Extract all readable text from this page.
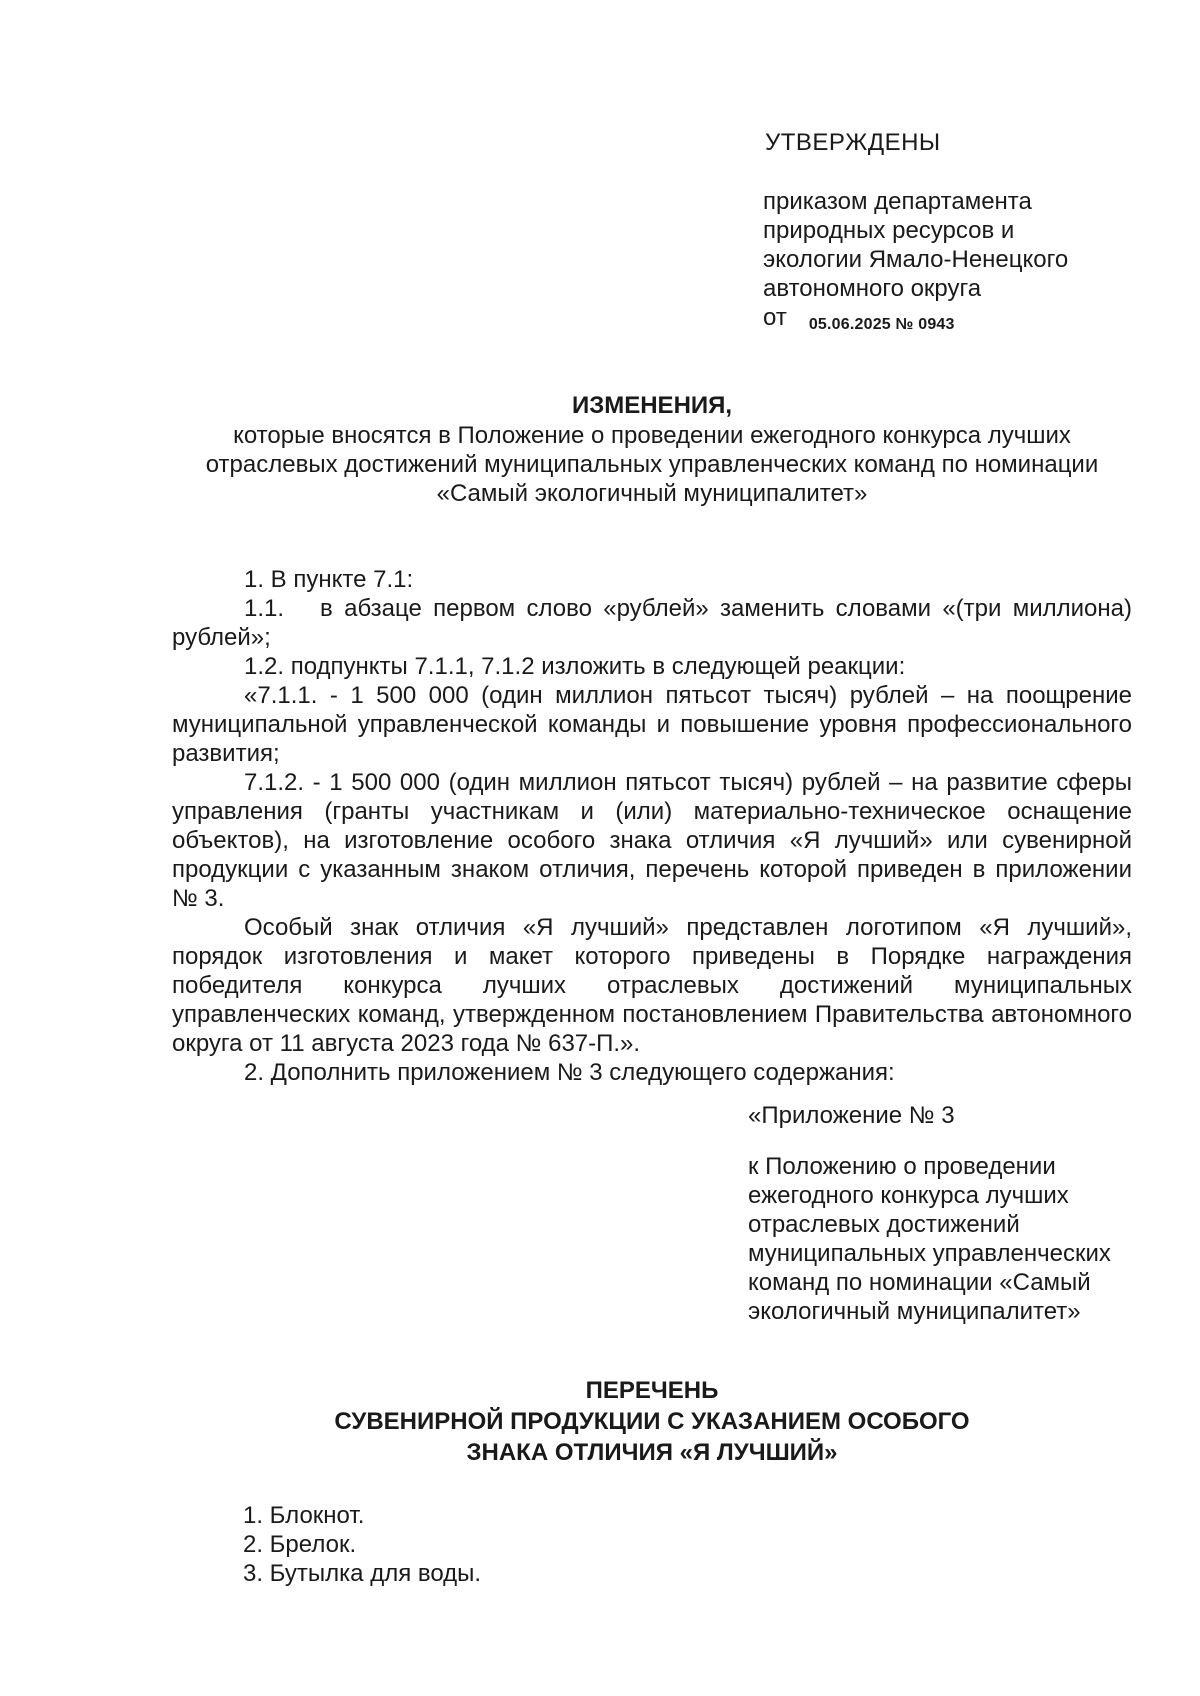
УТВЕРЖДЕНЫ
приказом департамента
природных ресурсов и
экологии Ямало-Ненецкого
автономного округа
от 05.06.2025 № 0943
ИЗМЕНЕНИЯ,
которые вносятся в Положение о проведении ежегодного конкурса лучших
отраслевых достижений муниципальных управленческих команд по номинации
«Самый экологичный муниципалитет»

1. В пункте 7.1:

1.1. в абзаце первом слово «рублей» заменить словами «(три миллиона) рублей»;

1.2. подпункты 7.1.1, 7.1.2 изложить в следующей реакции:

«7.1.1. - 1 500 000 (один миллион пятьсот тысяч) рублей – на поощрение муниципальной управленческой команды и повышение уровня профессионального развития;

7.1.2. - 1 500 000 (один миллион пятьсот тысяч) рублей – на развитие сферы управления (гранты участникам и (или) материально-техническое оснащение объектов), на изготовление особого знака отличия «Я лучший» или сувенирной продукции с указанным знаком отличия, перечень которой приведен в приложении № 3.

Особый знак отличия «Я лучший» представлен логотипом «Я лучший», порядок изготовления и макет которого приведены в Порядке награждения победителя конкурса лучших отраслевых достижений муниципальных управленческих команд, утвержденном постановлением Правительства автономного округа от 11 августа 2023 года № 637-П.».

2. Дополнить приложением № 3 следующего содержания:

«Приложение № 3
к Положению о проведении
ежегодного конкурса лучших
отраслевых достижений
муниципальных управленческих
команд по номинации «Самый
экологичный муниципалитет»
ПЕРЕЧЕНЬ
СУВЕНИРНОЙ ПРОДУКЦИИ С УКАЗАНИЕМ ОСОБОГО
ЗНАКА ОТЛИЧИЯ «Я ЛУЧШИЙ»
1. Блокнот.
2. Брелок.
3. Бутылка для воды.
